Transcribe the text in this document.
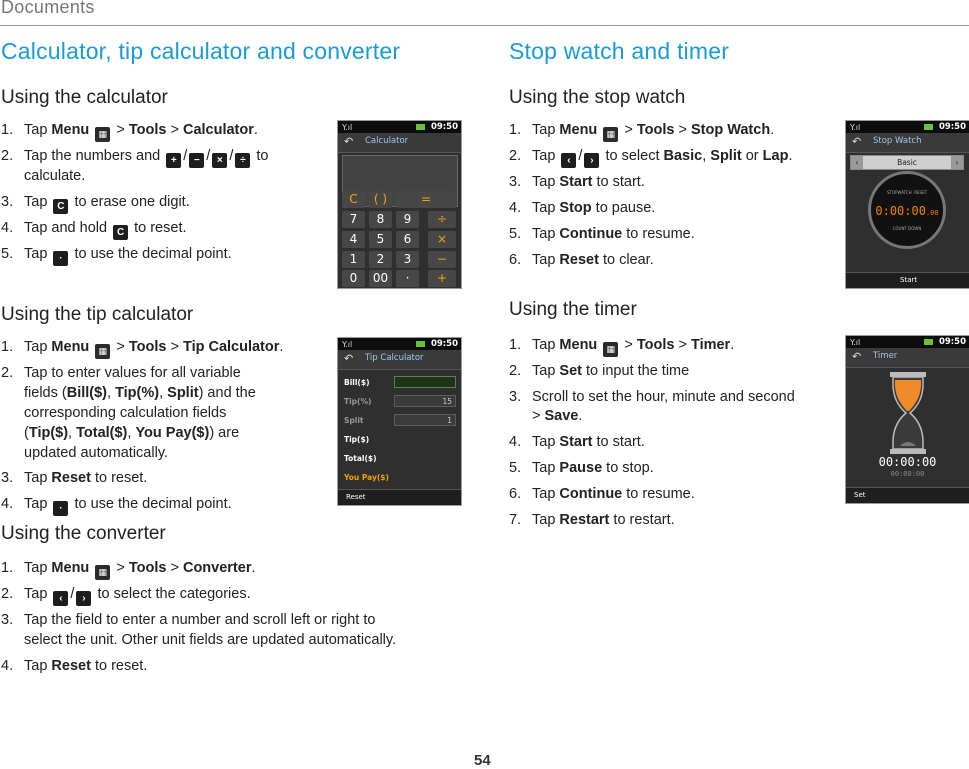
Documents
Calculator, tip calculator and converter
Using the calculator
1. Tap Menu ▦ > Tools > Calculator.
2. Tap the numbers and + / − / × / ÷ to
calculate.
3. Tap C to erase one digit.
4. Tap and hold C to reset.
5. Tap · to use the decimal point.
Using the tip calculator
1. Tap Menu ▦ > Tools > Tip Calculator.
2. Tap to enter values for all variable
fields (Bill($), Tip(%), Split) and the
corresponding calculation fields
(Tip($), Total($), You Pay($)) are
updated automatically.
3. Tap Reset to reset.
4. Tap · to use the decimal point.
Using the converter
1. Tap Menu ▦ > Tools > Converter.
2. Tap ‹ / › to select the categories.
3. Tap the field to enter a number and scroll left or right to
select the unit. Other unit fields are updated automatically.
4. Tap Reset to reset.
Y.ıl	09:50
↶ Calculator
C	( )	=
7	8	9	÷
4	5	6	×
1	2	3	−
0	00	·	+
Y.ıl	09:50
↶ Tip Calculator
Bill($)
Tip(%)	15
Split	1
Tip($)
Total($)
You Pay($)
Reset
Stop watch and timer
Using the stop watch
1. Tap Menu ▦ > Tools > Stop Watch.
2. Tap ‹ / › to select Basic, Split or Lap.
3. Tap Start to start.
4. Tap Stop to pause.
5. Tap Continue to resume.
6. Tap Reset to clear.
Using the timer
1. Tap Menu ▦ > Tools > Timer.
2. Tap Set to input the time
3. Scroll to set the hour, minute and second
> Save.
4. Tap Start to start.
5. Tap Pause to stop.
6. Tap Continue to resume.
7. Tap Restart to restart.
Y.ıl	09:50
↶ Stop Watch
‹	Basic	›
STOPWATCH RESET
0:00:00.00
COUNT DOWN
Start
Y.ıl	09:50
↶ Timer
00:00:00
00:00:00
Set
54
